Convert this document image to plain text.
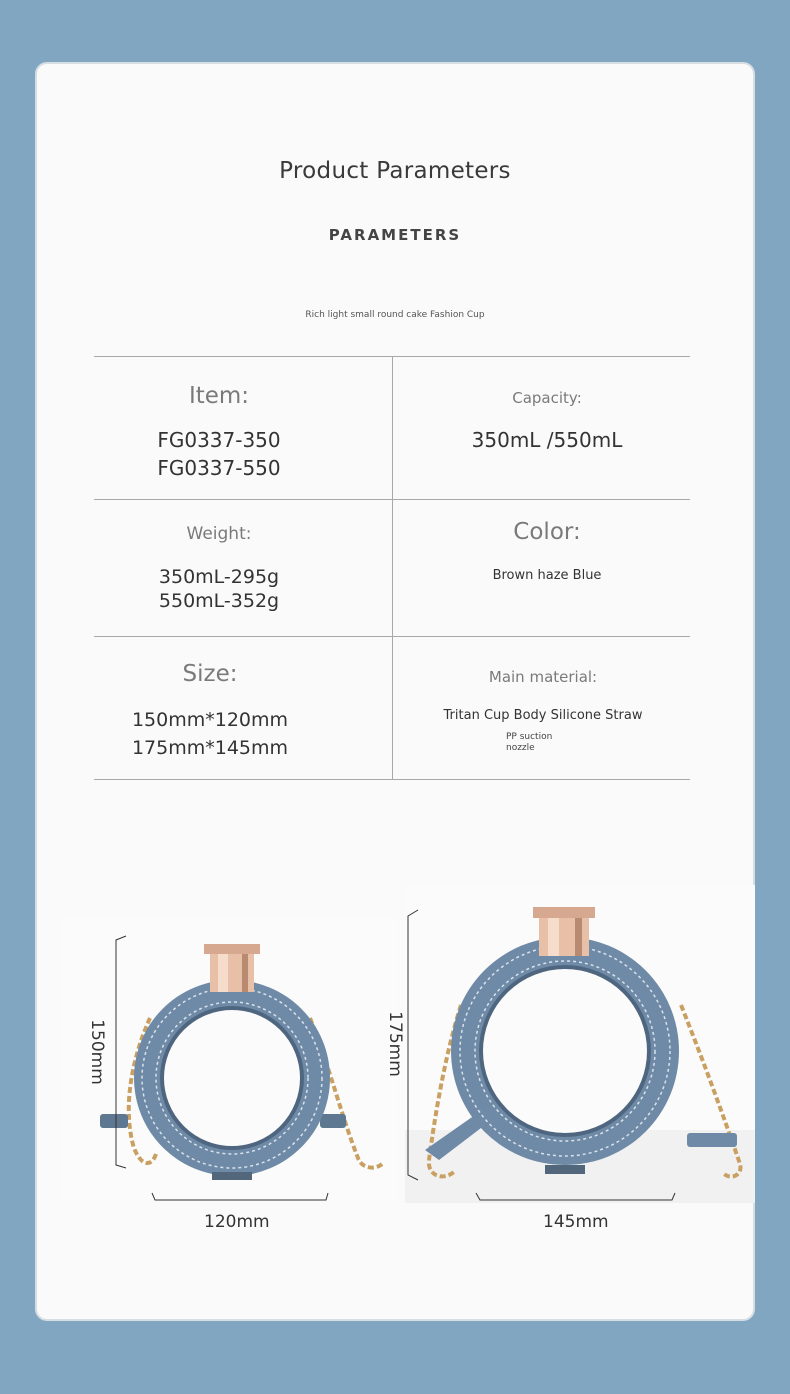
Product Parameters
PARAMETERS
Rich light small round cake Fashion Cup
Item:
FG0337-350
FG0337-550
Capacity:
350mL /550mL
Weight:
350mL-295g
550mL-352g
Color:
Brown haze Blue
Size:
150mm*120mm
175mm*145mm
Main material:
Tritan Cup Body Silicone Straw
PP suction
nozzle
150mm
120mm
175mm
145mm
